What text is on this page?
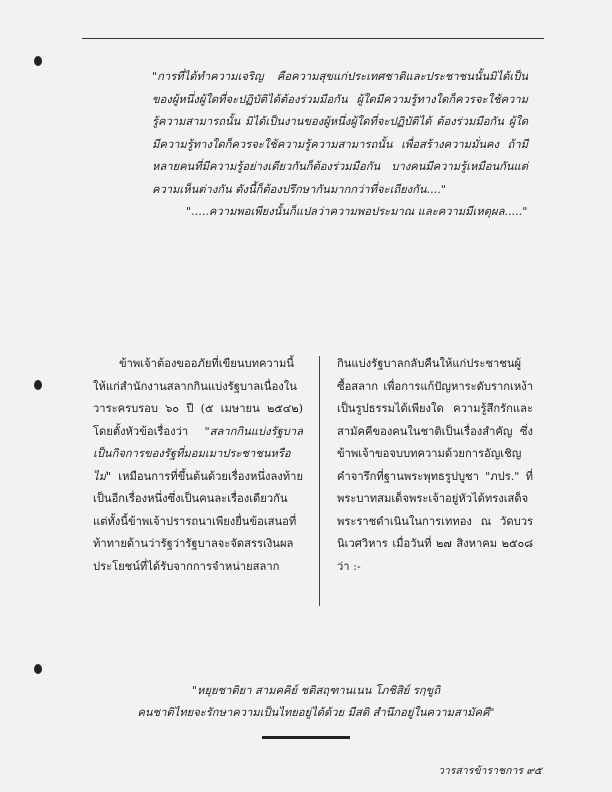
"การที่ได้ทำความเจริญ คือความสุขแก่ประเทศชาติและประชาชนนั้นมิได้เป็นของผู้หนึ่งผู้ใดที่จะปฏิบัติได้ต้องร่วมมือกัน ผู้ใดมีความรู้ทางใดก็ควรจะใช้ความรู้ความสามารถนั้น มิได้เป็นงานของผู้หนึ่งผู้ใดที่จะปฏิบัติได้ ต้องร่วมมือกัน ผู้ใดมีความรู้ทางใดก็ควรจะใช้ความรู้ความสามารถนั้น เพื่อสร้างความมั่นคง ถ้ามีหลายคนที่มีความรู้อย่างเดียวกันก็ต้องร่วมมือกัน บางคนมีความรู้เหมือนกันแต่ความเห็นต่างกัน ดังนี้ก็ต้องปรึกษากันมากกว่าที่จะเถียงกัน...."

".....ความพอเพียงนั้นก็แปลว่าความพอประมาณ และความมีเหตุผล....."

ข้าพเจ้าต้องขออภัยที่เขียนบทความนี้ให้แก่สำนักงานสลากกินแบ่งรัฐบาลเนื่องในวาระครบรอบ ๖๐ ปี (๕ เมษายน ๒๕๔๒) โดยตั้งหัวข้อเรื่องว่า "สลากกินแบ่งรัฐบาลเป็นกิจการของรัฐที่มอมเมาประชาชนหรือไม่" เหมือนการที่ขึ้นต้นด้วยเรื่องหนึ่งลงท้ายเป็นอีกเรื่องหนึ่งซึ่งเป็นคนละเรื่องเดียวกัน แต่ทั้งนี้ข้าพเจ้าปรารถนาเพียงยื่นข้อเสนอที่ท้าทายด้านว่ารัฐว่ารัฐบาลจะจัดสรรเงินผลประโยชน์ที่ได้รับจากการจำหน่ายสลาก

กินแบ่งรัฐบาลกลับคืนให้แก่ประชาชนผู้ซื้อสลาก เพื่อการแก้ปัญหาระดับรากเหง้าเป็นรูปธรรมได้เพียงใด ความรู้สึกรักและสามัคคีของคนในชาติเป็นเรื่องสำคัญ ซึ่งข้าพเจ้าขอจบบทความด้วยการอัญเชิญคำจารึกที่ฐานพระพุทธรูปบูชา "ภปร." ที่พระบาทสมเด็จพระเจ้าอยู่หัวได้ทรงเสด็จพระราชดำเนินในการเททอง ณ วัดบวรนิเวศวิหาร เมื่อวันที่ ๒๗ สิงหาคม ๒๕๐๘ ว่า :-

"หยุยชาติยา สามคคิย์ ชติสฤฑานเนน โภชิสิย์ รกฺขูถิ

คนชาติไทยจะรักษาความเป็นไทยอยู่ได้ด้วย มีสติ สำนึกอยู่ในความสามัคคี"

วารสารข้าราชการ ๙๕
